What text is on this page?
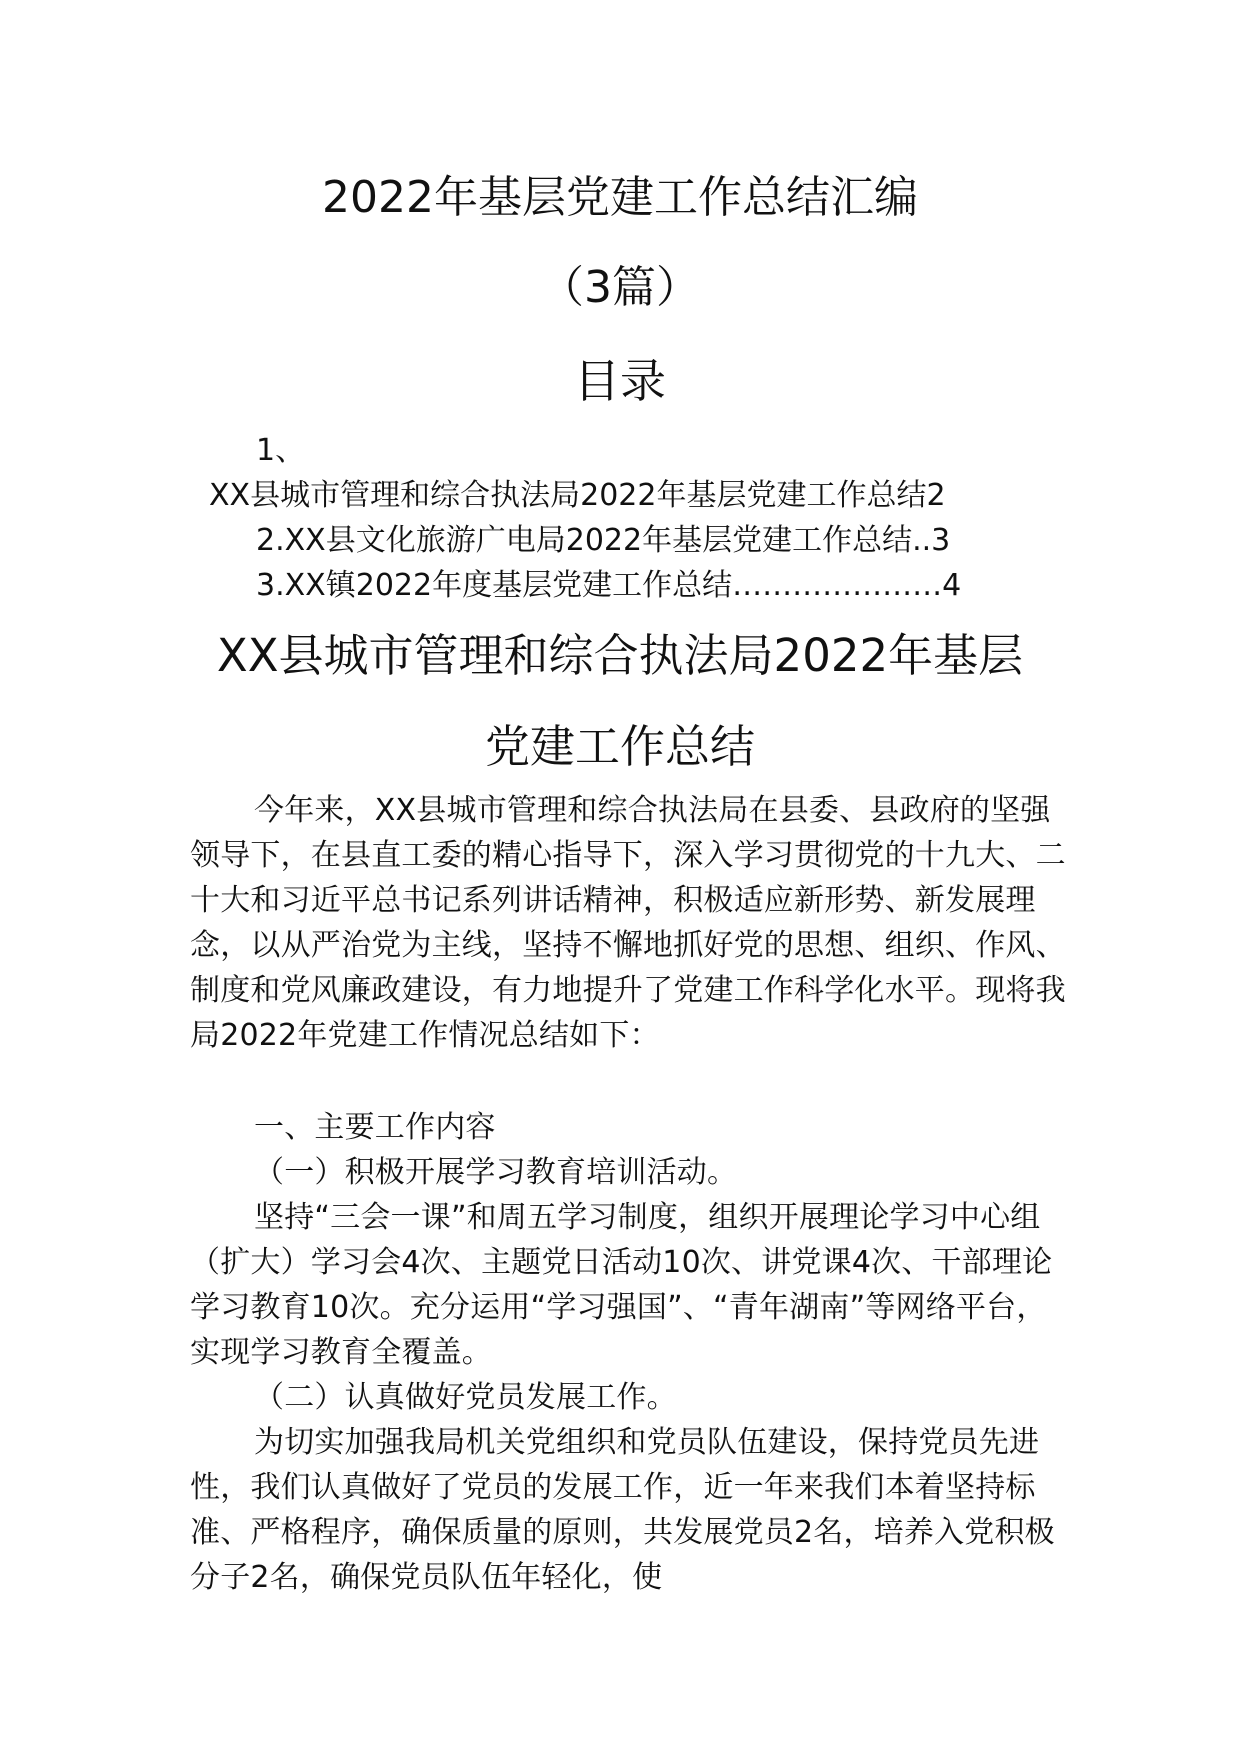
2022年基层党建工作总结汇编
（3篇）
目录
1、
XX县城市管理和综合执法局2022年基层党建工作总结2
2.XX县文化旅游广电局2022年基层党建工作总结..3
3.XX镇2022年度基层党建工作总结…………………4
XX县城市管理和综合执法局2022年基层
党建工作总结

今年来，XX县城市管理和综合执法局在县委、县政府的坚强领导下，在县直工委的精心指导下，深入学习贯彻党的十九大、二十大和习近平总书记系列讲话精神，积极适应新形势、新发展理念，以从严治党为主线，坚持不懈地抓好党的思想、组织、作风、制度和党风廉政建设，有力地提升了党建工作科学化水平。现将我局2022年党建工作情况总结如下：

一、主要工作内容

（一）积极开展学习教育培训活动。

坚持“三会一课”和周五学习制度，组织开展理论学习中心组（扩大）学习会4次、主题党日活动10次、讲党课4次、干部理论学习教育10次。充分运用“学习强国”、“青年湖南”等网络平台，实现学习教育全覆盖。

（二）认真做好党员发展工作。

为切实加强我局机关党组织和党员队伍建设，保持党员先进性，我们认真做好了党员的发展工作，近一年来我们本着坚持标准、严格程序，确保质量的原则，共发展党员2名，培养入党积极分子2名，确保党员队伍年轻化，使
